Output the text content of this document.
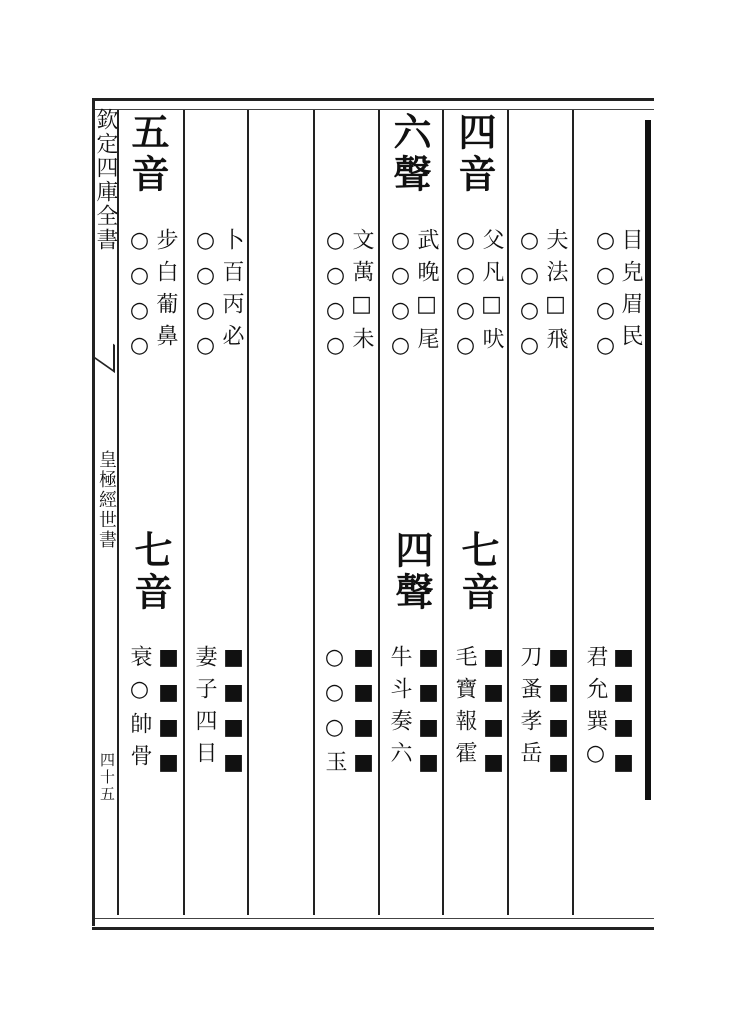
欽定四庫全書
皇極經世書
四十五
五音	六聲 四音
○○○○ 目皃眉民
○○○○ 夫法□飛
○○○○ 父凡□吠
○○○○ 武晚□尾
○○○○ 文萬□未
○○○○ 卜百丙必
○○○○ 步白葡鼻
七音	四聲 七音
■■■■
君允巽○
■■■■
刀蚤孝岳
■■■■
毛寶報霍
■■■■
牛斗奏六
■■■■
○○○玉
■■■■
妻子四日
■■■■
衰○帥骨
